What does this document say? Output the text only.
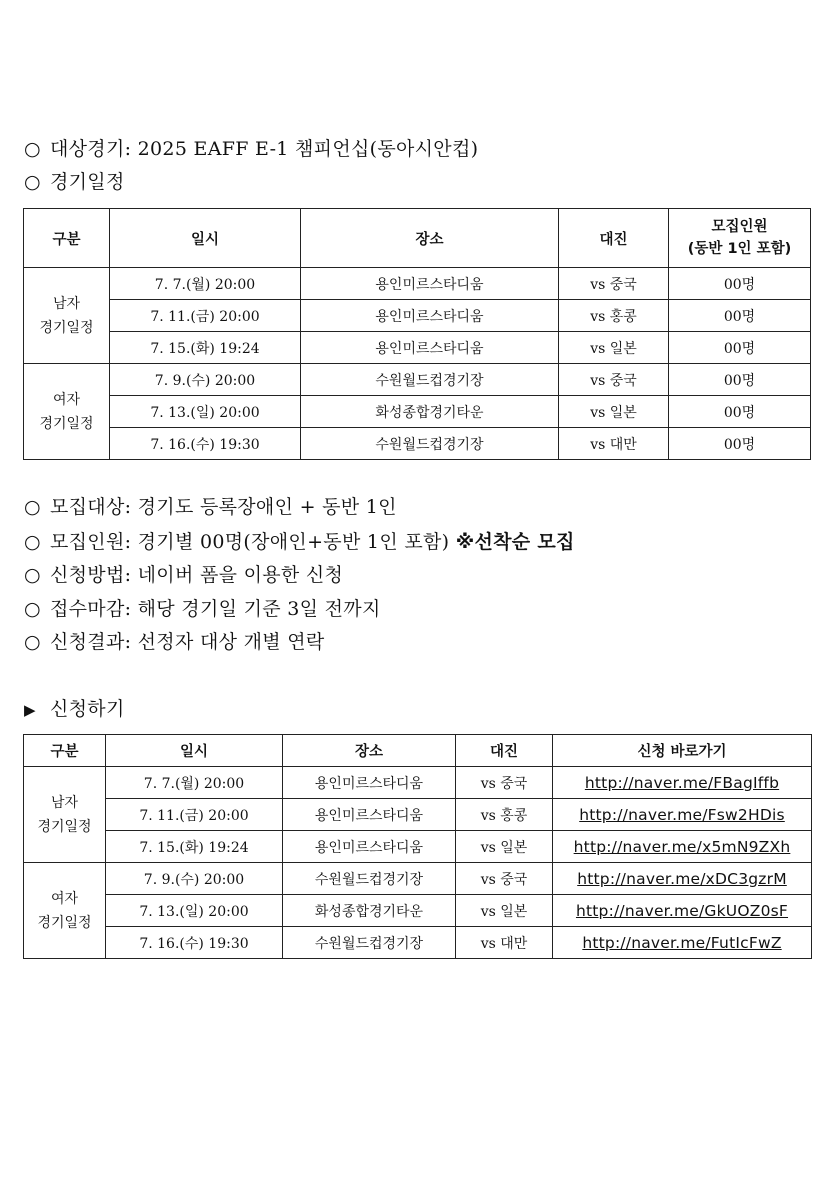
○ 대상경기: 2025 EAFF E-1 챔피언십(동아시안컵)
○ 경기일정
구분	일시	장소	대진	모집인원
(동반 1인 포함)
남자
경기일정	7. 7.(월) 20:00	용인미르스타디움	vs 중국	00명
	7. 11.(금) 20:00	용인미르스타디움	vs 홍콩	00명
	7. 15.(화) 19:24	용인미르스타디움	vs 일본	00명
여자
경기일정	7. 9.(수) 20:00	수원월드컵경기장	vs 중국	00명
	7. 13.(일) 20:00	화성종합경기타운	vs 일본	00명
	7. 16.(수) 19:30	수원월드컵경기장	vs 대만	00명
○ 모집대상: 경기도 등록장애인 + 동반 1인
○ 모집인원: 경기별 00명(장애인+동반 1인 포함) ※선착순 모집
○ 신청방법: 네이버 폼을 이용한 신청
○ 접수마감: 해당 경기일 기준 3일 전까지
○ 신청결과: 선정자 대상 개별 연락
▶ 신청하기
구분	일시	장소	대진	신청 바로가기
남자
경기일정	7. 7.(월) 20:00	용인미르스타디움	vs 중국	http://naver.me/FBagIffb
	7. 11.(금) 20:00	용인미르스타디움	vs 홍콩	http://naver.me/Fsw2HDis
	7. 15.(화) 19:24	용인미르스타디움	vs 일본	http://naver.me/x5mN9ZXh
여자
경기일정	7. 9.(수) 20:00	수원월드컵경기장	vs 중국	http://naver.me/xDC3gzrM
	7. 13.(일) 20:00	화성종합경기타운	vs 일본	http://naver.me/GkUOZ0sF
	7. 16.(수) 19:30	수원월드컵경기장	vs 대만	http://naver.me/FutIcFwZ
